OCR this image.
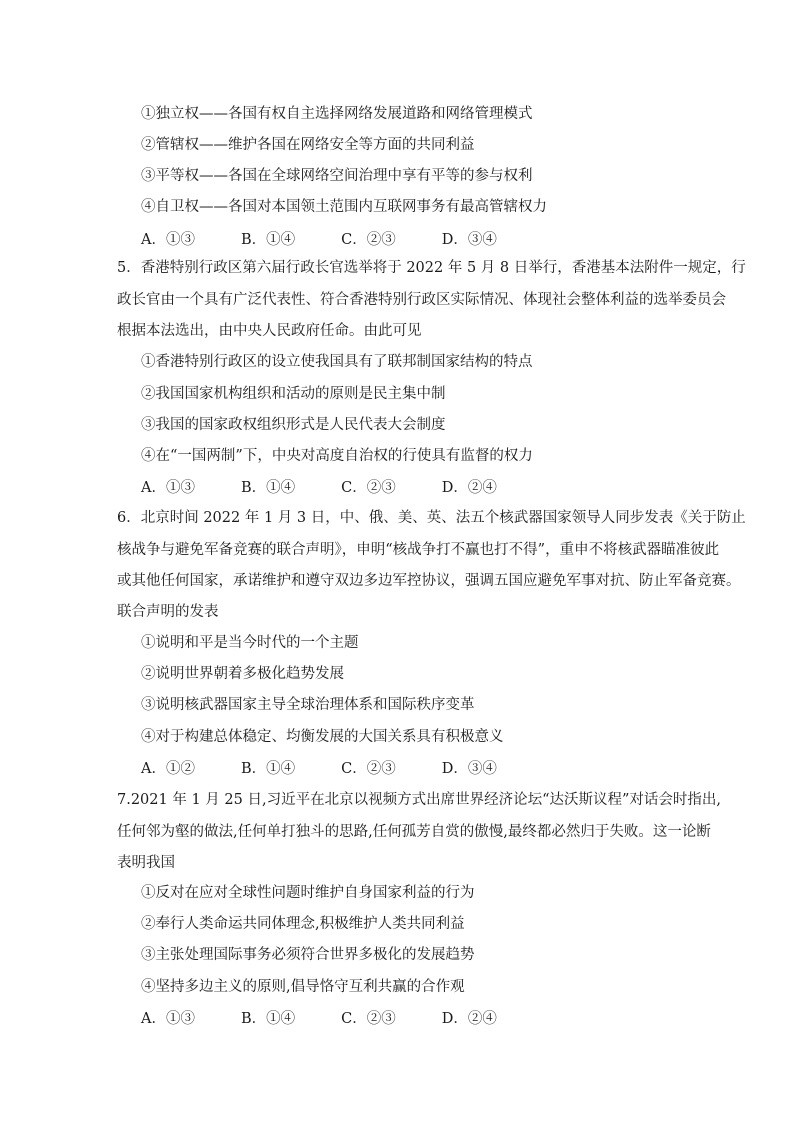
①独立权——各国有权自主选择网络发展道路和网络管理模式
②管辖权——维护各国在网络安全等方面的共同利益
③平等权——各国在全球网络空间治理中享有平等的参与权利
④自卫权——各国对本国领土范围内互联网事务有最高管辖权力
A．①③	B．①④	C．②③	D．③④
5．香港特别行政区第六届行政长官选举将于 2022 年 5 月 8 日举行，香港基本法附件一规定，行
政长官由一个具有广泛代表性、符合香港特别行政区实际情况、体现社会整体利益的选举委员会
根据本法选出，由中央人民政府任命。由此可见
①香港特别行政区的设立使我国具有了联邦制国家结构的特点
②我国国家机构组织和活动的原则是民主集中制
③我国的国家政权组织形式是人民代表大会制度
④在“一国两制”下，中央对高度自治权的行使具有监督的权力
A．①③	B．①④	C．②③	D．②④
6．北京时间 2022 年 1 月 3 日，中、俄、美、英、法五个核武器国家领导人同步发表《关于防止
核战争与避免军备竞赛的联合声明》，申明“核战争打不赢也打不得”，重申不将核武器瞄准彼此
或其他任何国家，承诺维护和遵守双边多边军控协议，强调五国应避免军事对抗、防止军备竞赛。
联合声明的发表
①说明和平是当今时代的一个主题
②说明世界朝着多极化趋势发展
③说明核武器国家主导全球治理体系和国际秩序变革
④对于构建总体稳定、均衡发展的大国关系具有积极意义
A．①②	B．①④	C．②③	D．③④
7.2021 年 1 月 25 日,习近平在北京以视频方式出席世界经济论坛“达沃斯议程”对话会时指出,
任何邻为壑的做法,任何单打独斗的思路,任何孤芳自赏的傲慢,最终都必然归于失败。这一论断
表明我国
①反对在应对全球性问题时维护自身国家利益的行为
②奉行人类命运共同体理念,积极维护人类共同利益
③主张处理国际事务必须符合世界多极化的发展趋势
④坚持多边主义的原则,倡导恪守互利共赢的合作观
A．①③	B．①④	C．②③	D．②④
